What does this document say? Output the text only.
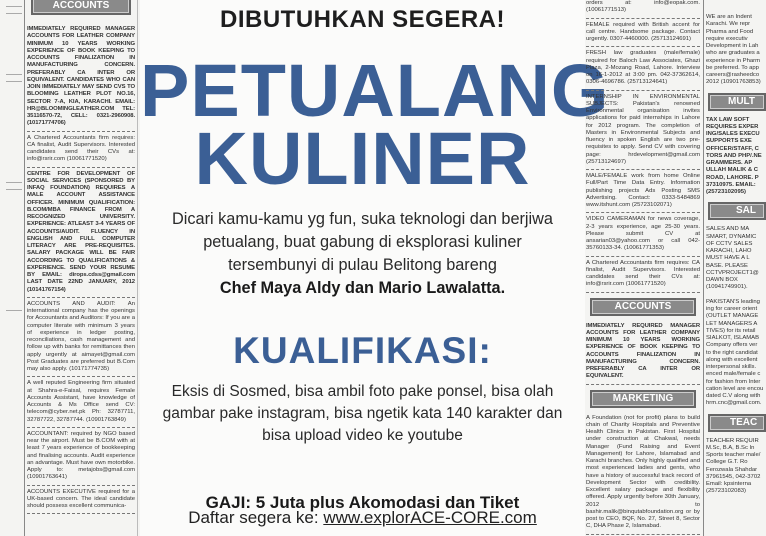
ACCOUNTS
IMMEDIATELY REQUIRED MANAGER ACCOUNTS FOR LEATHER COMPANY MINIMUM 10 YEARS WORKING EXPERIENCE OF BOOK KEEPING TO ACCOUNTS FINALIZATION IN MANUFACTURING CONCERN. PREFERABLY CA INTER OR EQUIVALENT. CANDIDATES WHO CAN JOIN IMMEDIATELY MAY SEND CVS TO BLOOMING LEATHER PLOT NO.16, SECTOR 7-A, KIA, KARACHI. EMAIL: HR@BLOOMINGLEATHER.COM TEL: 35116570-72, CELL: 0321-2960908. (10171774706)
A Chartered Accountants firm requires: CA finalist, Audit Supervisors. Interested candidates send their CVs at: info@rsrir.com (10061771520)
CENTRE FOR DEVELOPMENT OF SOCIAL SERVICES (SPONSORED BY INFAQ FOUNDATION) REQUIRES A MALE ACCOUNT ASSISTANCE OFFICER. MINIMUM QUALIFICATION: B.COM/MBA FINANCE FROM A RECOGNIZED UNIVERSITY. EXPERIENCE: ATLEAST 3-4 YEARS OF ACCOUNTS/AUDIT. FLUENCY IN ENGLISH AND FULL COMPUTER LITERACY ARE PRE-REQUISITES. SALARY PACKAGE WILL BE FAIR ACCORDING TO QUALIFICATIONS & EXPERIENCE. SEND YOUR RESUME BY EMAIL: dirops.cdss@gmail.com LAST DATE 22ND JANUARY, 2012 (10141767154)
ACCOUNTS AND AUDIT: An international company has the openings for Accountants and Auditors: If you are a computer literate with minimum 3 years of experience in ledger posting, reconciliations, cash management and follow up with banks for remittances then apply urgently at aimayet@gmail.com Post Graduates are preferred but B.Com may also apply. (10171774735)
A well reputed Engineering firm situated at Shahra-e-Faisal, requires Female Accounts Assistant, have knowledge of Accounts & Ms Office send CV: telecom@cyber.net.pk Ph: 32787711, 32787722, 32787744. (10901763849)
ACCOUNTANT: required by NGO based near the airport. Must be B.COM with at least 7 years experience of bookkeeping and finalising accounts. Audit experience an advantage. Must have own motorbike. Apply to: metajobs@gmail.com (10901763641)
ACCOUNTS EXECUTIVE required for a UK-based concern. The ideal candidate should possess excellent communica-
DIBUTUHKAN SEGERA!
PETUALANG
KULINER
Dicari kamu-kamu yg fun, suka teknologi dan berjiwa petualang, buat gabung di eksplorasi kuliner tersembunyi di pulau Belitong bareng
Chef Maya Aldy dan Mario Lawalatta.
KUALIFIKASI:
Eksis di Sosmed, bisa ambil foto pake ponsel, bisa olah gambar pake instagram, bisa ngetik kata 140 karakter dan bisa upload video ke youtube
GAJI: 5 Juta plus Akomodasi dan Tiket
Daftar segera ke: www.explorACE-CORE.com
orders at: info@eopak.com. (10061771513)
FEMALE required with British accent for call centre. Handsome package. Contact urgently. 0307-4460000. (25713124691)
FRESH law graduates (male/female) required for Baloch Law Associates, Ghazi Plaza, 2-Mozang Road, Lahore. Interview on 16-1-2012 at 3:00 pm. 042-37362614, 0306-4696786. (25713124641)
INTERNSHIP IN ENVIRONMENTAL SUBJECTS: Pakistan's renowned Environmental organisation invites applications for paid internships in Lahore for 2012 program. The completion of Masters in Environmental Subjects and fluency in spoken English are two pre-requisites to apply. Send CV with covering page: hrdevelopment@gmail.com (25713124697)
MALE/FEMALE work from home Online Full/Part Time Data Entry. Information publishing projects Ads Posting SMS Advertising. Contact: 0333-5484869 www.itshunt.com (25723102071)
VIDEO CAMERAMAN for news coverage, 2-3 years experience, age 25-30 years. Please submit CV at ansarian03@yahoo.com or call 042-35760133-34. (10061771353)
A Chartered Accountants firm requires: CA finalist, Audit Supervisors. Interested candidates send their CVs at: info@rsrir.com (10061771520)
ACCOUNTS
IMMEDIATELY REQUIRED MANAGER ACCOUNTS FOR LEATHER COMPANY MINIMUM 10 YEARS WORKING EXPERIENCE OF BOOK KEEPING TO ACCOUNTS FINALIZATION IN MANUFACTURING CONCERN. PREFERABLY CA INTER OR EQUIVALENT.
MARKETING
A Foundation (not for profit) plans to build chain of Charity Hospitals and Preventive Health Clinics in Pakistan. First Hospital under construction at Chakwal, needs Manager (Fund Raising and Event Management) for Lahore, Islamabad and Karachi branches. Only highly qualified and most experienced ladies and gents, who have a history of successful track record of Development Sector with credibility. Excellent salary package and flexibility offered. Apply urgently before 30th January, 2012 to bashir.malik@binqutabfoundation.org or by post to CEO, BQF, No. 27, Street 8, Sector C, DHA Phase 2, Islamabad.
WE are an Indent
Karachi. We repr
Pharma and Food
require executiv
Development in Lah
who are graduates a
experience in Pharm
be preferred. To app
careers@rasheedco
2012 (10901763853)
MULT
TAX LAW SOFT
REQUIRES EXPER
ING/SALES EXECU
SUPPORTS EXE
OFFICER/STAFF, C
TORS AND PHP/.NE
GRAMMERS. AP
ULLAH MALIK & C
ROAD, LAHORE. P
37310975. EMAIL:
(25723102095)
SAL
SALES AND MA
SMART, DYNAMIC
OF CCTV SALES
KARACHI, LAHO
MUST HAVE A L
BASE. PLEASE
CCTVPROJECT1@
DAWN BOX
(10941749901).
PAKISTAN'S leading
ing for career orient
(OUTLET MANAGE
LET MANAGERS A
TIVES) for its retail
SIALKOT, ISLAMAB
Company offers ver
to the right candidat
along with excellent
interpersonal skills.
enced male/female c
for fashion from Inter
cation level are encou
dated C.V along with
hrm.cnc@gmail.com.
TEAC
TEACHER REQUIR
M.Sc, B.A, B.Sc In
Sports teacher male/
College G.T. Ro
Ferozwala Shahdar
37961545, 042-3702
Email: kpsinterna
(25723102083)
